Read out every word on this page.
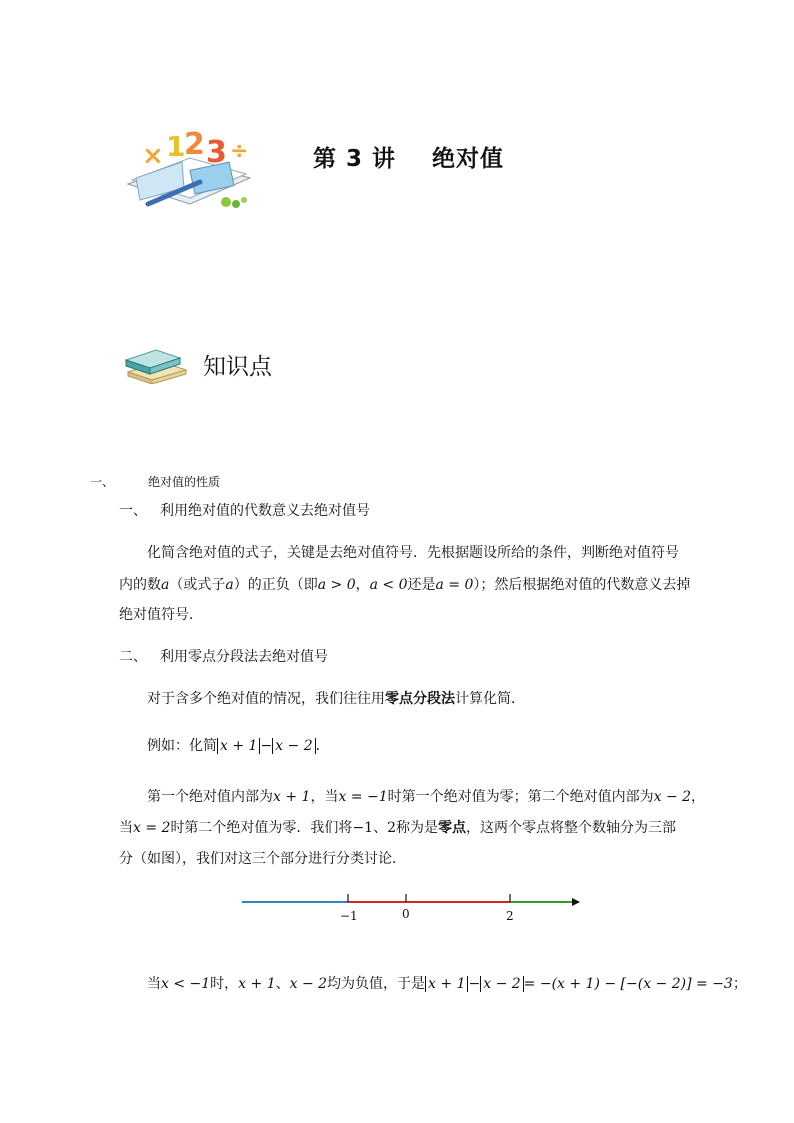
× 1
2 3 ÷	第 3 讲    绝对值
知识点
一、	绝对值的性质
一、 利用绝对值的代数意义去绝对值号
化简含绝对值的式子，关键是去绝对值符号．先根据题设所给的条件，判断绝对值符号
内的数a（或式子a）的正负（即a > 0，a < 0还是a = 0）；然后根据绝对值的代数意义去掉
绝对值符号．
二、 利用零点分段法去绝对值号
对于含多个绝对值的情况，我们往往用零点分段法计算化简．
例如：化简 x + 1 − x − 2 ．
第一个绝对值内部为x + 1，当x = −1时第一个绝对值为零；第二个绝对值内部为x − 2，
当x = 2时第二个绝对值为零．我们将−1、2称为是零点，这两个零点将整个数轴分为三部
分（如图），我们对这三个部分进行分类讨论．
−1	0	2
当x < −1时，x + 1、x − 2均为负值，于是 x + 1 − x − 2 = −(x + 1) − [−(x − 2)] = −3；
